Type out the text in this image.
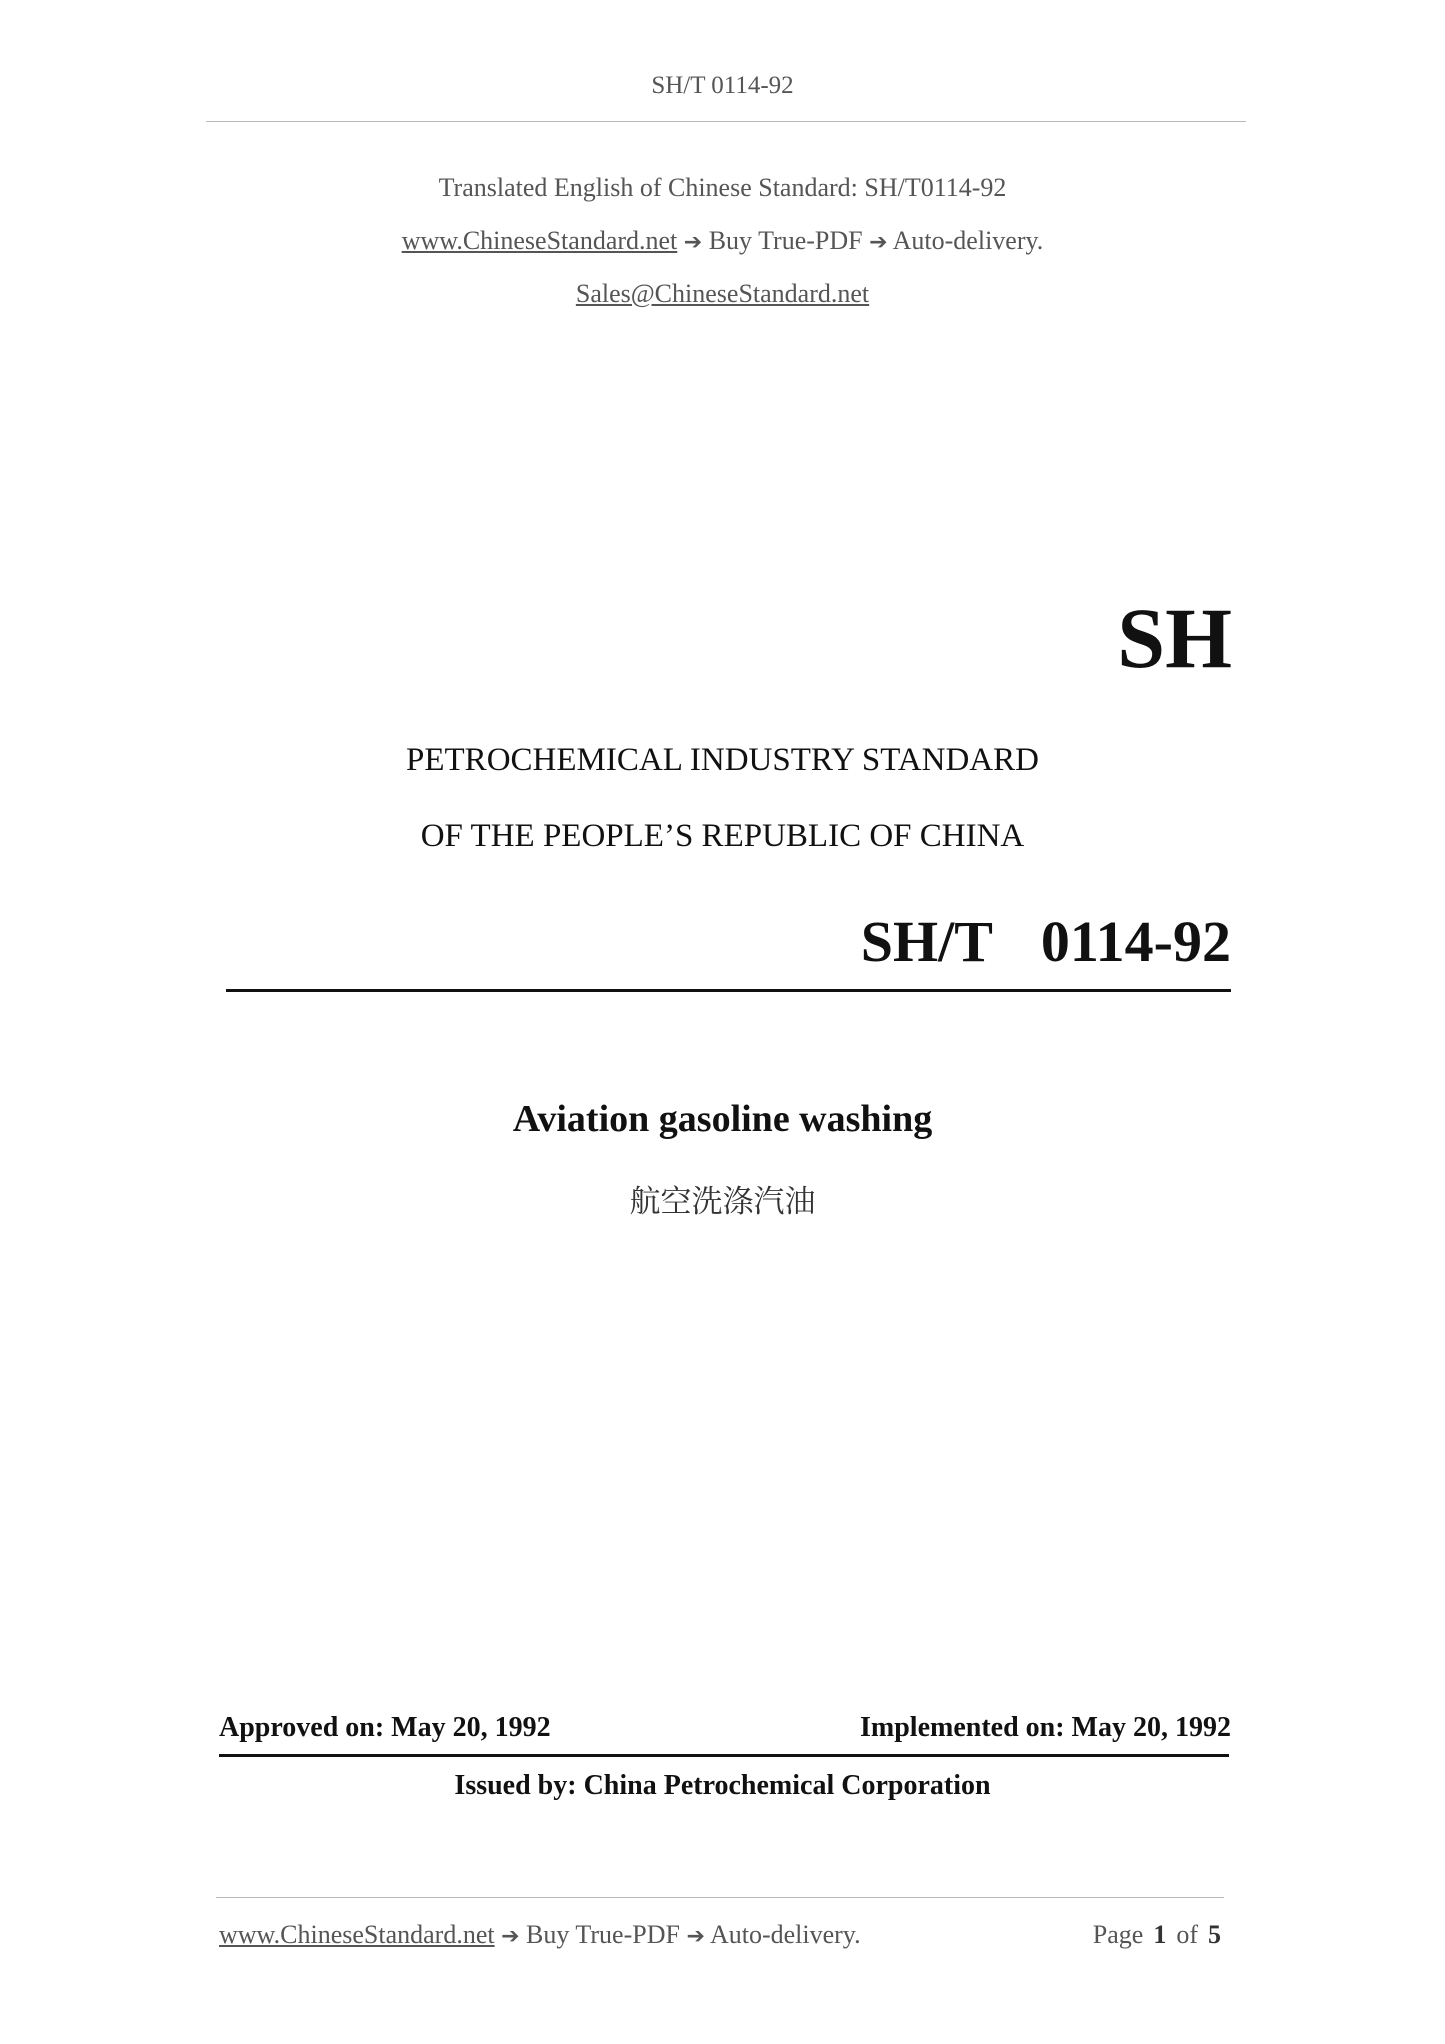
SH/T 0114-92
Translated English of Chinese Standard: SH/T0114-92
www.ChineseStandard.net ➔ Buy True-PDF ➔ Auto-delivery.
Sales@ChineseStandard.net
SH
PETROCHEMICAL INDUSTRY STANDARD
OF THE PEOPLE’S REPUBLIC OF CHINA
SH/T  0114-92
Aviation gasoline washing
航空洗涤汽油
Approved on: May 20, 1992	Implemented on: May 20, 1992
Issued by: China Petrochemical Corporation
www.ChineseStandard.net ➔ Buy True-PDF ➔ Auto-delivery.	Page 1 of 5
